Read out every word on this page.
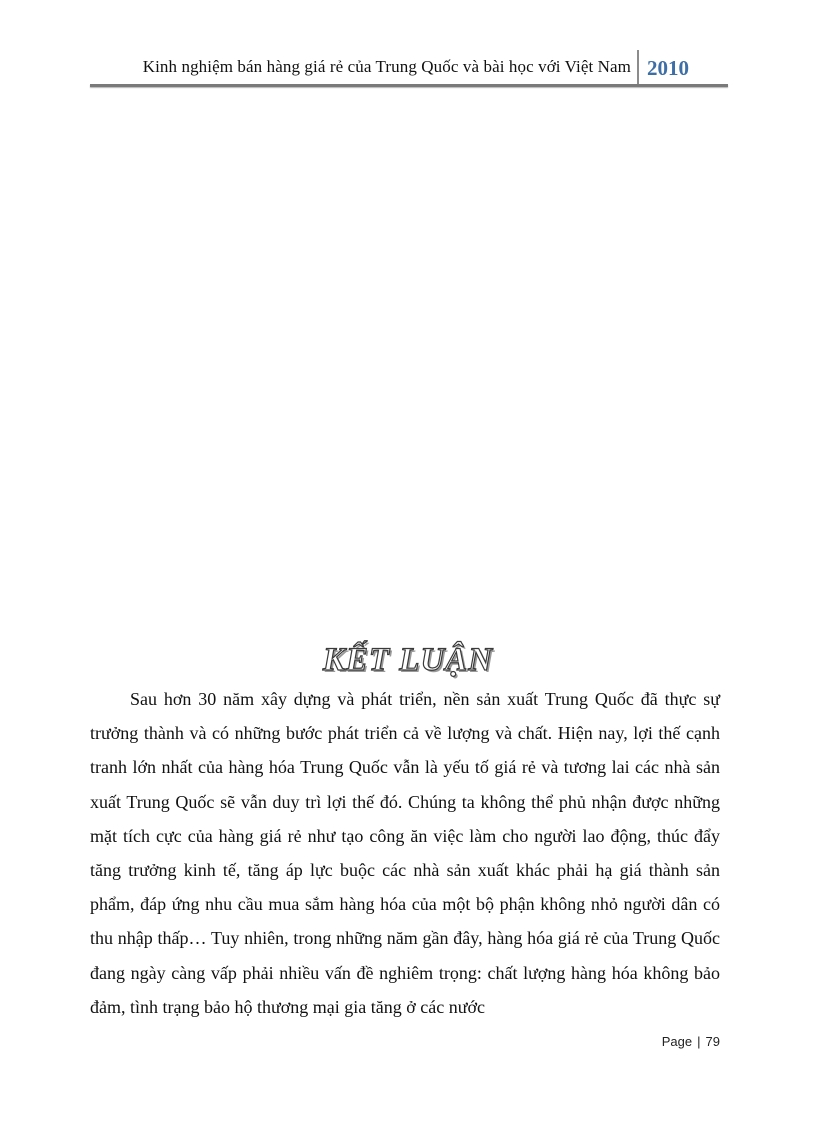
Kinh nghiệm bán hàng giá rẻ của Trung Quốc và bài học với Việt Nam 2010
KẾT LUẬN

Sau hơn 30 năm xây dựng và phát triển, nền sản xuất Trung Quốc đã thực sự trưởng thành và có những bước phát triển cả về lượng và chất. Hiện nay, lợi thế cạnh tranh lớn nhất của hàng hóa Trung Quốc vẫn là yếu tố giá rẻ và tương lai các nhà sản xuất Trung Quốc sẽ vẫn duy trì lợi thế đó. Chúng ta không thể phủ nhận được những mặt tích cực của hàng giá rẻ như tạo công ăn việc làm cho người lao động, thúc đẩy tăng trưởng kinh tế, tăng áp lực buộc các nhà sản xuất khác phải hạ giá thành sản phẩm, đáp ứng nhu cầu mua sắm hàng hóa của một bộ phận không nhỏ người dân có thu nhập thấp… Tuy nhiên, trong những năm gần đây, hàng hóa giá rẻ của Trung Quốc đang ngày càng vấp phải nhiều vấn đề nghiêm trọng: chất lượng hàng hóa không bảo đảm, tình trạng bảo hộ thương mại gia tăng ở các nước

Page | 79
